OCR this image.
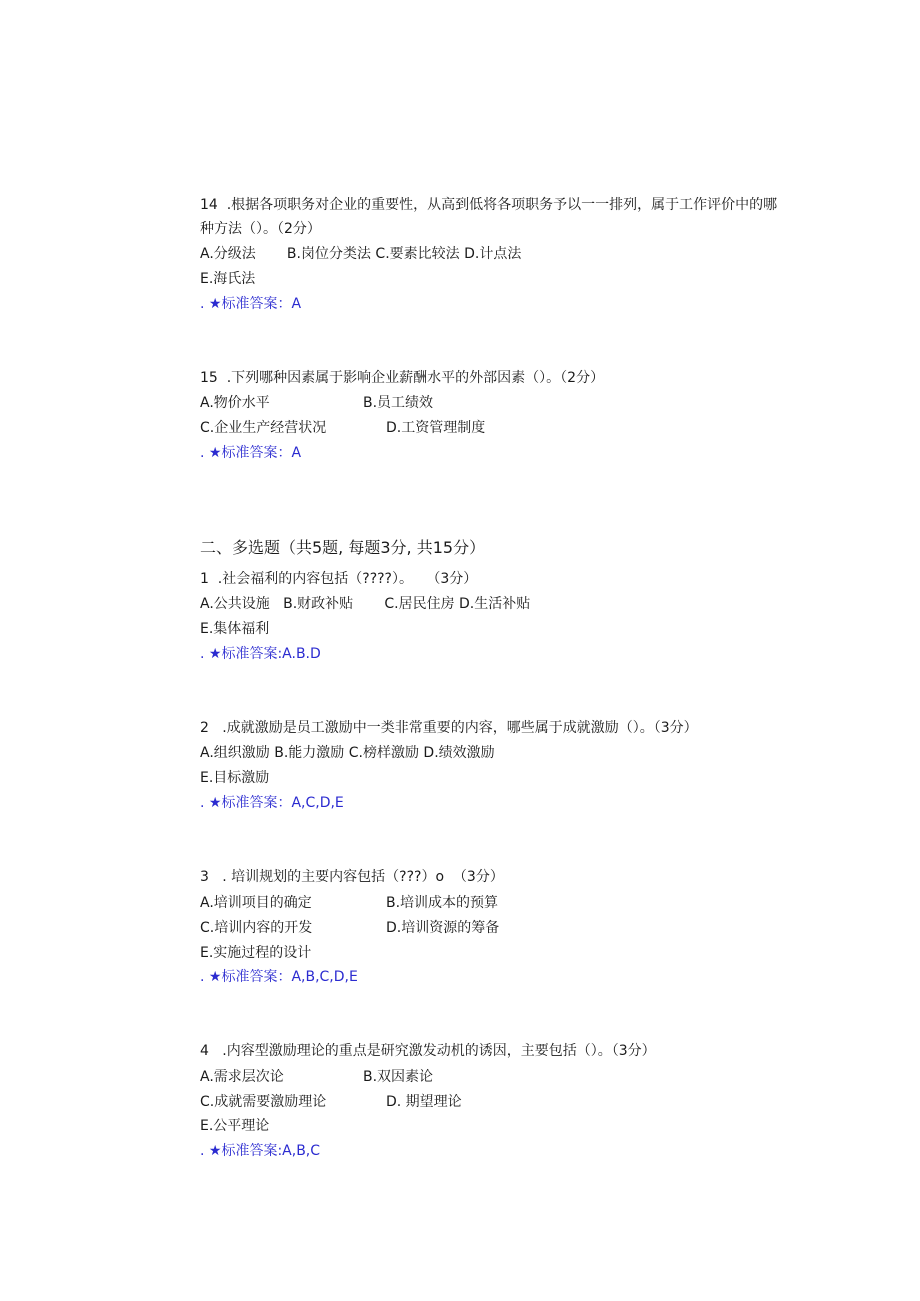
14  .根据各项职务对企业的重要性，从高到低将各项职务予以一一排列，属于工作评价中的哪
种方法（）。（2分）
A.分级法       B.岗位分类法 C.要素比较法 D.计点法
E.海氏法
. ★标准答案：A
15  .下列哪种因素属于影响企业薪酬水平的外部因素（）。（2分）
A.物价水平	B.员工绩效
C.企业生产经营状况	D.工资管理制度
. ★标准答案：A
二、多选题（共5题, 每题3分, 共15分）
1  .社会福利的内容包括（????）。   （3分）
A.公共设施   B.财政补贴       C.居民住房 D.生活补贴
E.集体福利
. ★标准答案:A.B.D
2   .成就激励是员工激励中一类非常重要的内容，哪些属于成就激励（）。（3分）
A.组织激励 B.能力激励 C.榜样激励 D.绩效激励
E.目标激励
. ★标准答案：A,C,D,E
3   . 培训规划的主要内容包括（???）o  （3分）
A.培训项目的确定	B.培训成本的预算
C.培训内容的开发	D.培训资源的筹备
E.实施过程的设计
. ★标准答案：A,B,C,D,E
4   .内容型激励理论的重点是研究激发动机的诱因，主要包括（）。（3分）
A.需求层次论	B.双因素论
C.成就需要激励理论	D. 期望理论
E.公平理论
. ★标准答案:A,B,C
